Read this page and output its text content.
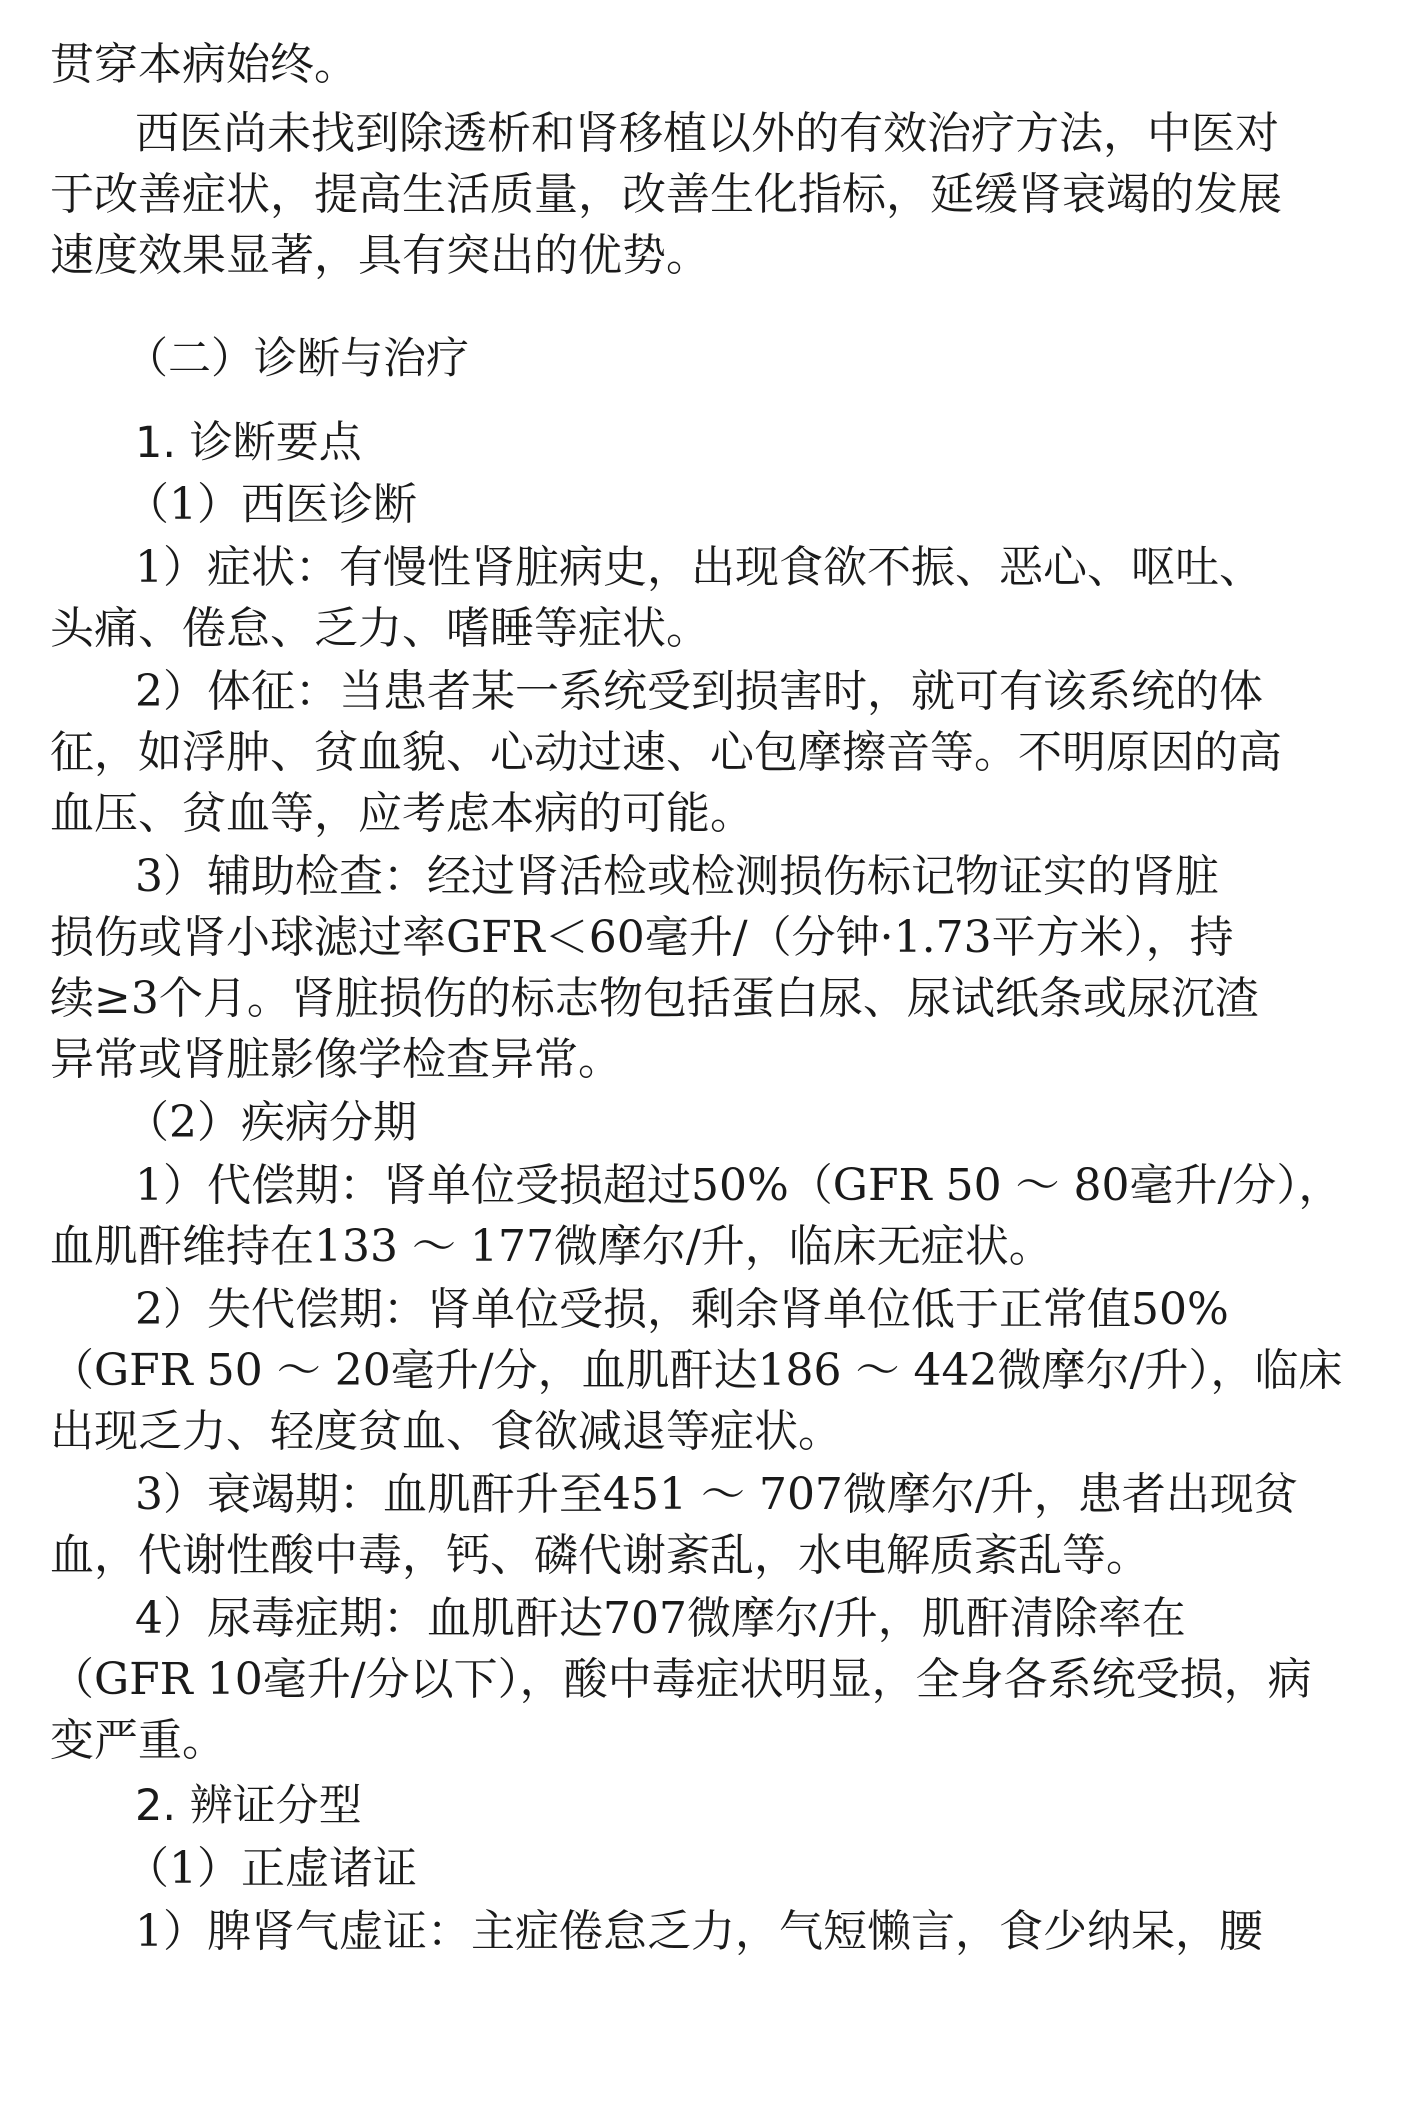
贯穿本病始终。
西医尚未找到除透析和肾移植以外的有效治疗方法，中医对
于改善症状，提高生活质量，改善生化指标，延缓肾衰竭的发展
速度效果显著，具有突出的优势。
（二）诊断与治疗
1. 诊断要点
（1）西医诊断
1）症状：有慢性肾脏病史，出现食欲不振、恶心、呕吐、
头痛、倦怠、乏力、嗜睡等症状。
2）体征：当患者某一系统受到损害时，就可有该系统的体
征，如浮肿、贫血貌、心动过速、心包摩擦音等。不明原因的高
血压、贫血等，应考虑本病的可能。
3）辅助检查：经过肾活检或检测损伤标记物证实的肾脏
损伤或肾小球滤过率GFR＜60毫升/（分钟·1.73平方米），持
续≥3个月。肾脏损伤的标志物包括蛋白尿、尿试纸条或尿沉渣
异常或肾脏影像学检查异常。
（2）疾病分期
1）代偿期：肾单位受损超过50%（GFR 50 ～ 80毫升/分），
血肌酐维持在133 ～ 177微摩尔/升，临床无症状。
2）失代偿期：肾单位受损，剩余肾单位低于正常值50%
（GFR 50 ～ 20毫升/分，血肌酐达186 ～ 442微摩尔/升），临床
出现乏力、轻度贫血、食欲减退等症状。
3）衰竭期：血肌酐升至451 ～ 707微摩尔/升，患者出现贫
血，代谢性酸中毒，钙、磷代谢紊乱，水电解质紊乱等。
4）尿毒症期：血肌酐达707微摩尔/升，肌酐清除率在
（GFR 10毫升/分以下），酸中毒症状明显，全身各系统受损，病
变严重。
2. 辨证分型
（1）正虚诸证
1）脾肾气虚证：主症倦怠乏力，气短懒言，食少纳呆，腰
